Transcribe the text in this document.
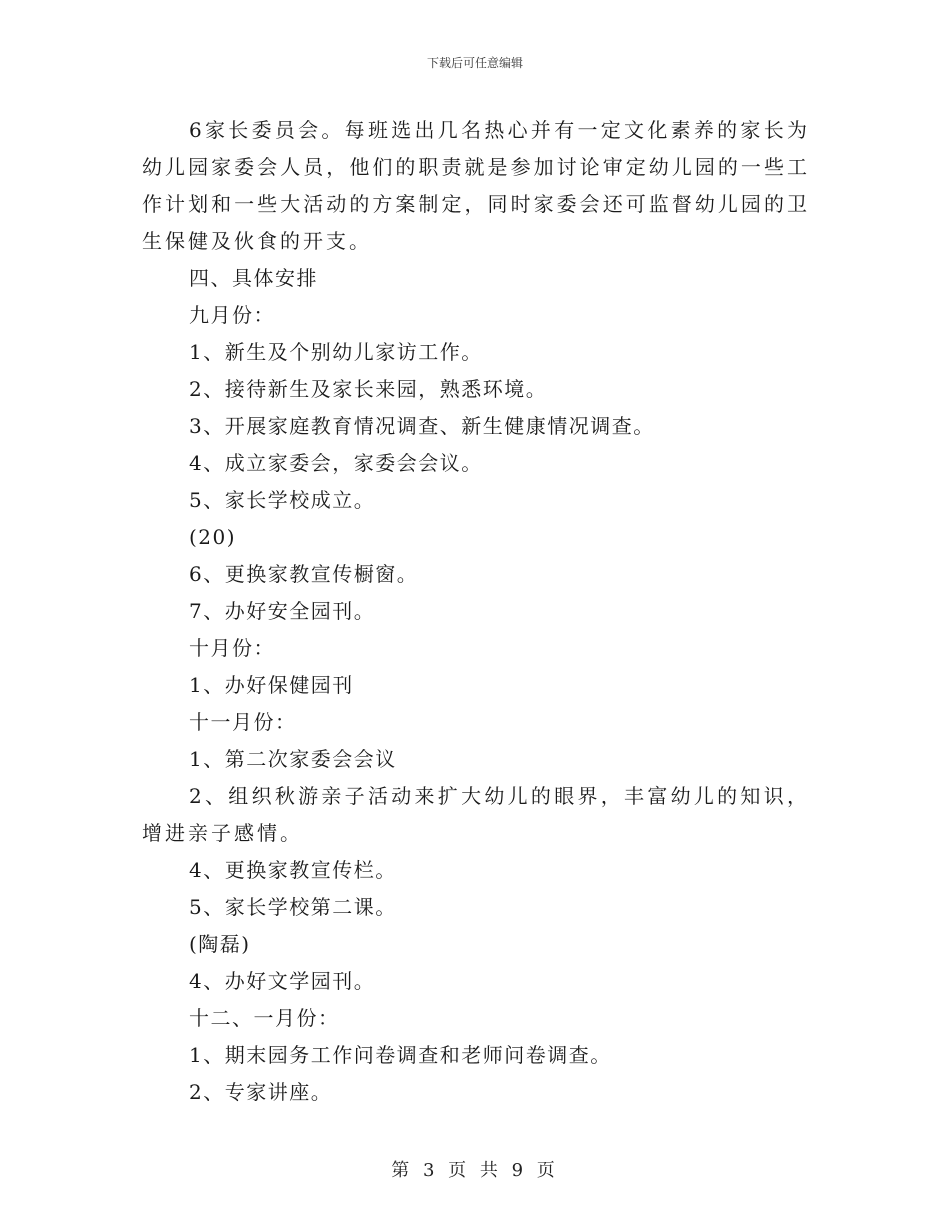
下载后可任意编辑

6家长委员会。每班选出几名热心并有一定文化素养的家长为幼儿园家委会人员，他们的职责就是参加讨论审定幼儿园的一些工作计划和一些大活动的方案制定，同时家委会还可监督幼儿园的卫生保健及伙食的开支。

四、具体安排

九月份：

1、新生及个别幼儿家访工作。

2、接待新生及家长来园，熟悉环境。

3、开展家庭教育情况调查、新生健康情况调查。

4、成立家委会，家委会会议。

5、家长学校成立。

(20)

6、更换家教宣传橱窗。

7、办好安全园刊。

十月份：

1、办好保健园刊

十一月份：

1、第二次家委会会议

2、组织秋游亲子活动来扩大幼儿的眼界，丰富幼儿的知识，增进亲子感情。

4、更换家教宣传栏。

5、家长学校第二课。

(陶磊)

4、办好文学园刊。

十二、一月份：

1、期末园务工作问卷调查和老师问卷调查。

2、专家讲座。

第 3 页 共 9 页
